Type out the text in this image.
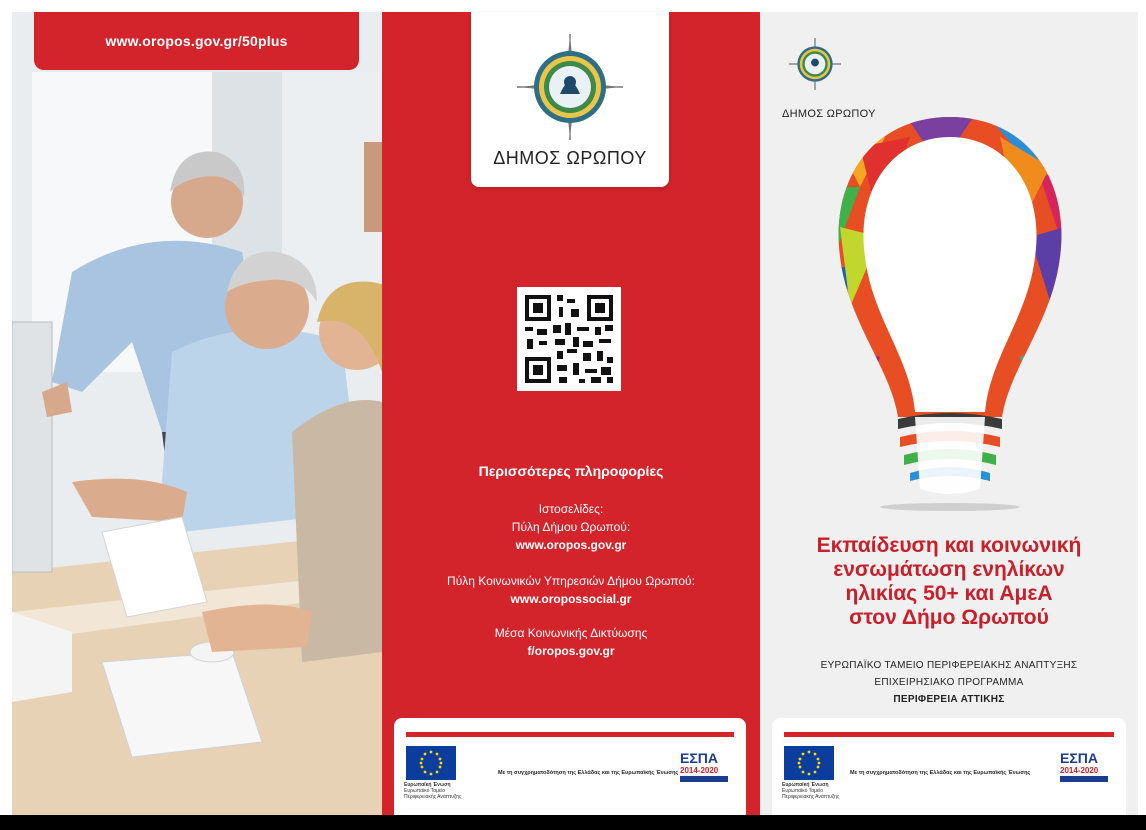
www.oropos.gov.gr/50plus
ΔΗΜΟΣ ΩΡΩΠΟΥ
Περισσότερες πληροφορίες
Ιστοσελίδες:
Πύλη Δήμου Ωρωπού:
www.oropos.gov.gr
Πύλη Κοινωνικών Υπηρεσιών Δήμου Ωρωπού:
www.oropossocial.gr
Μέσα Κοινωνικής Δικτύωσης
f/oropos.gov.gr
Ευρωπαϊκή Ένωση
Ευρωπαϊκό Ταμείο Περιφερειακής Ανάπτυξης
Με τη συγχρηματοδότηση της Ελλάδας και της Ευρωπαϊκής Ένωσης
ΕΣΠΑ
2014-2020
ΔΗΜΟΣ ΩΡΩΠΟΥ
Εκπαίδευση και κοινωνική
ενσωμάτωση ενηλίκων
ηλικίας 50+ και ΑμεΑ
στον Δήμο Ωρωπού
ΕΥΡΩΠΑΪΚΟ ΤΑΜΕΙΟ ΠΕΡΙΦΕΡΕΙΑΚΗΣ ΑΝΑΠΤΥΞΗΣ
ΕΠΙΧΕΙΡΗΣΙΑΚΟ ΠΡΟΓΡΑΜΜΑ
ΠΕΡΙΦΕΡΕΙΑ ΑΤΤΙΚΗΣ
Ευρωπαϊκή Ένωση
Ευρωπαϊκό Ταμείο Περιφερειακής Ανάπτυξης
Με τη συγχρηματοδότηση της Ελλάδας και της Ευρωπαϊκής Ένωσης
ΕΣΠΑ
2014-2020
